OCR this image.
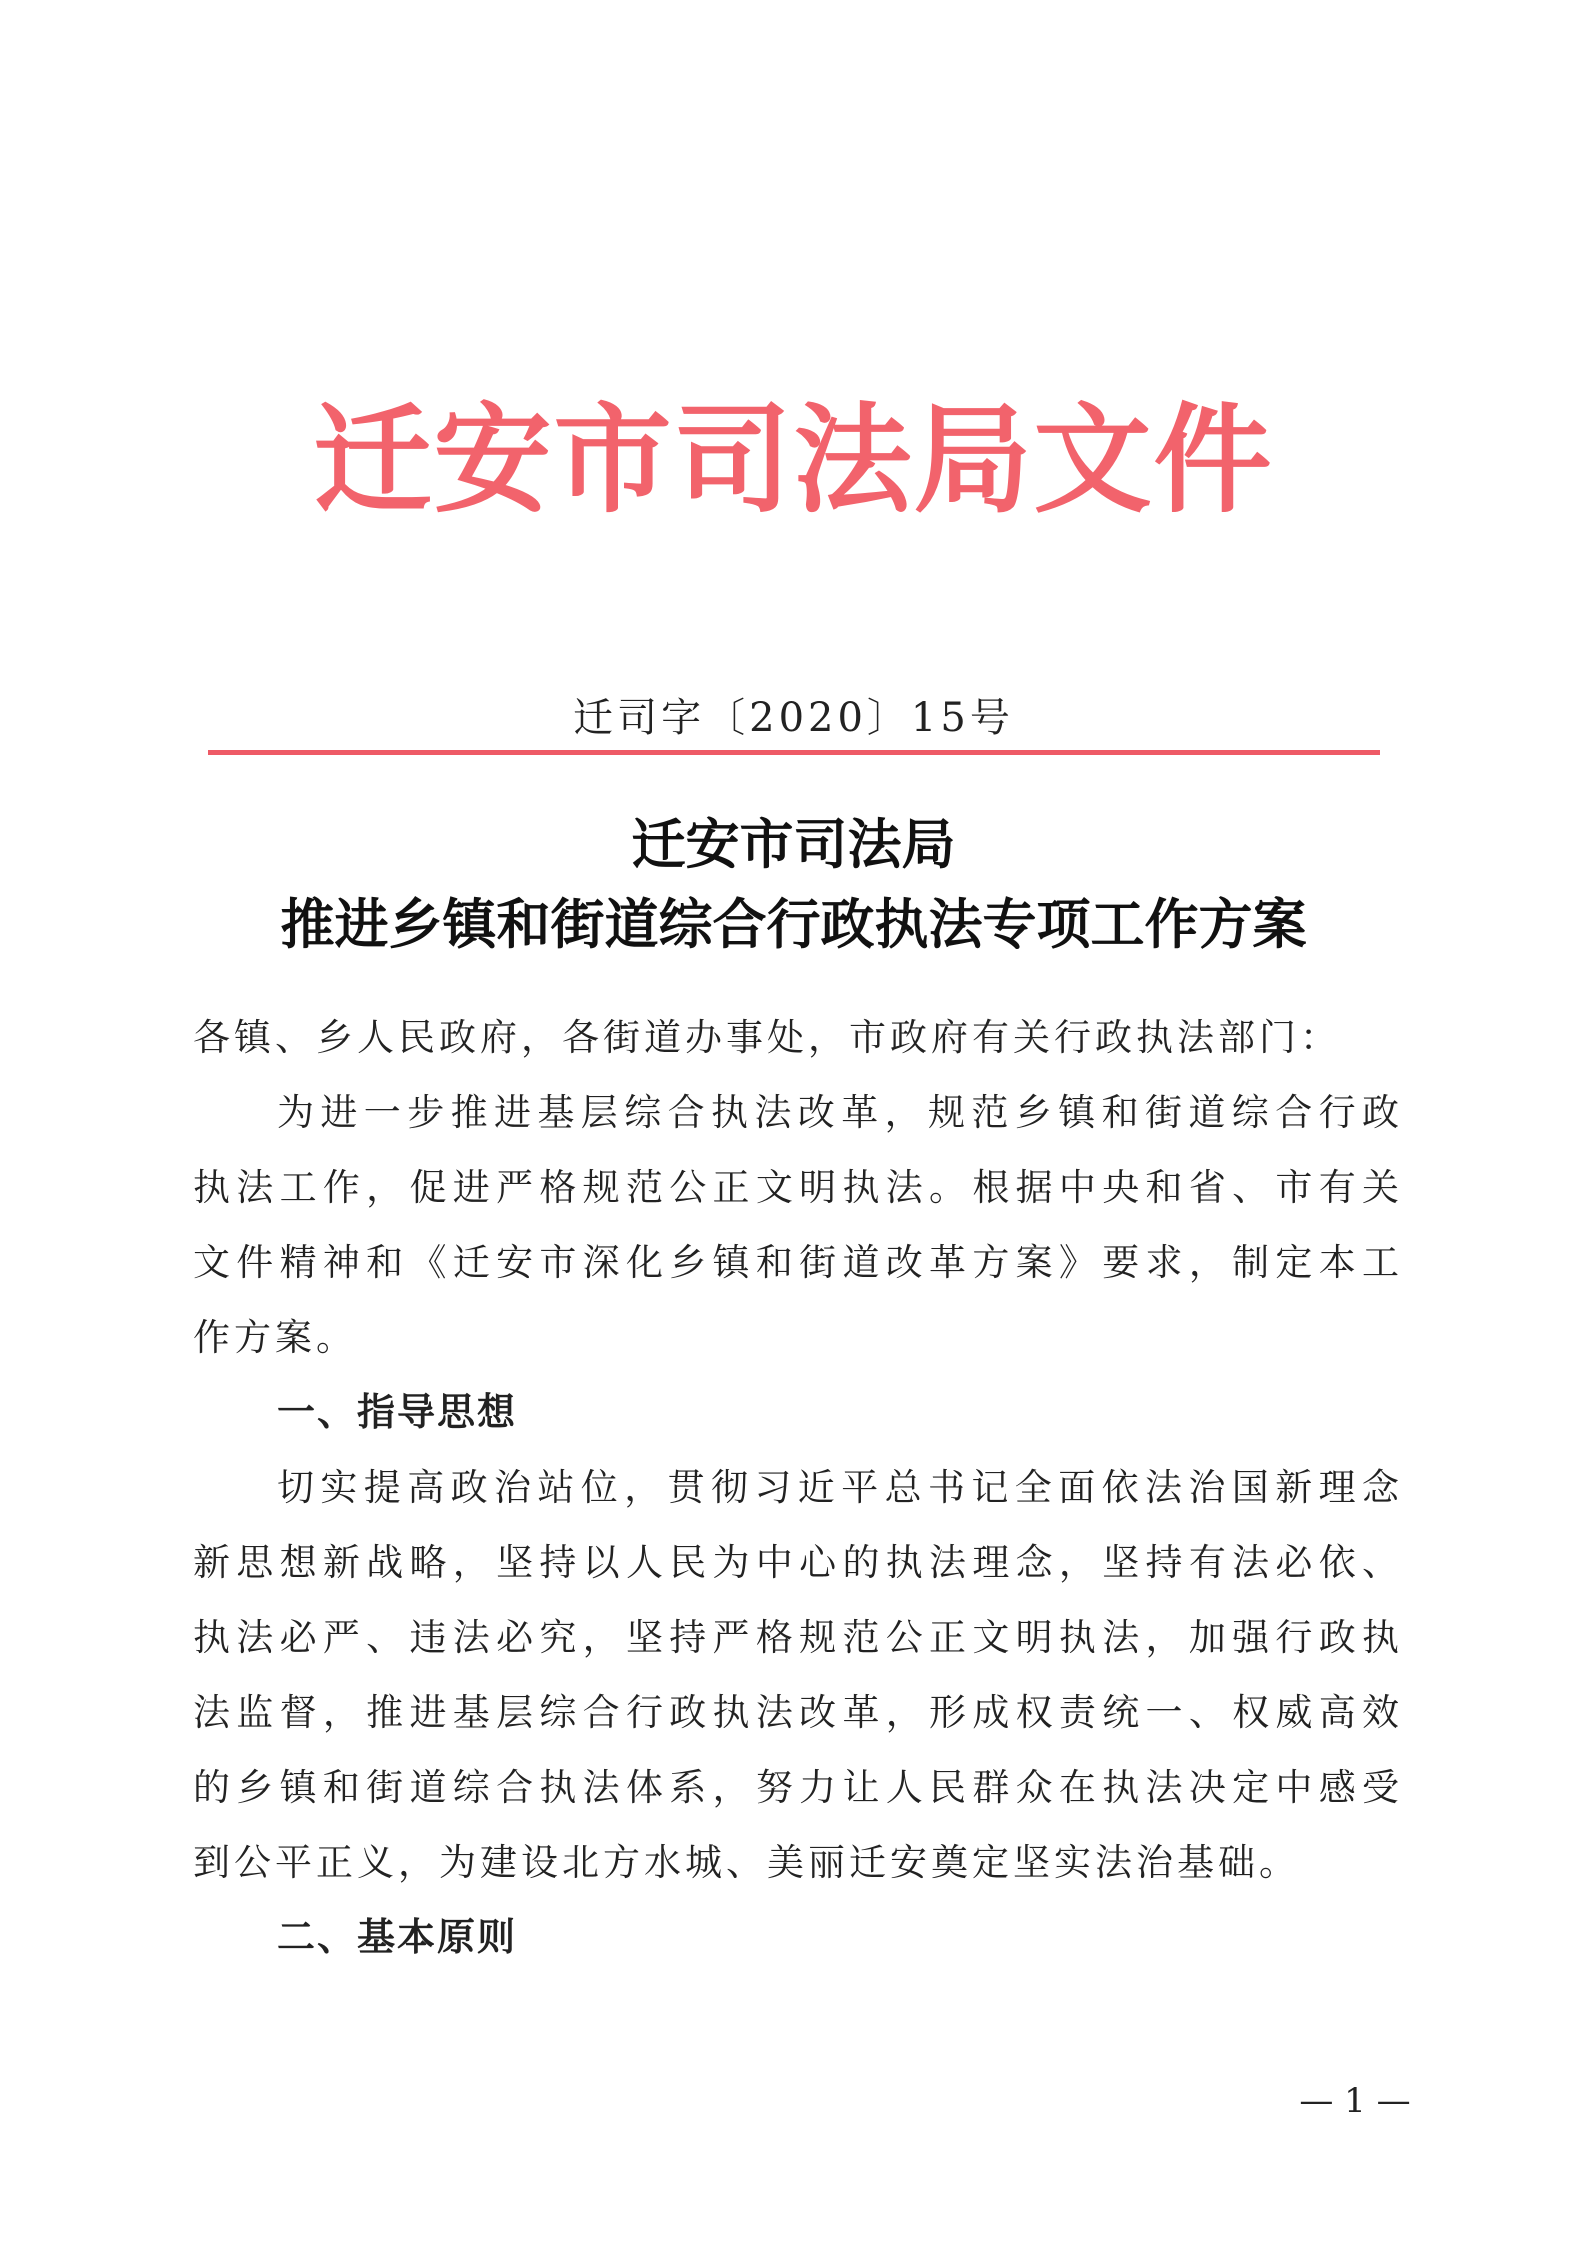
迁安市司法局文件
迁司字〔2020〕15号
迁安市司法局
推进乡镇和街道综合行政执法专项工作方案
各镇、乡人民政府，各街道办事处，市政府有关行政执法部门：
为进一步推进基层综合执法改革，规范乡镇和街道综合行政
执法工作，促进严格规范公正文明执法。根据中央和省、市有关
文件精神和《迁安市深化乡镇和街道改革方案》要求，制定本工
作方案。
一、指导思想
切实提高政治站位，贯彻习近平总书记全面依法治国新理念
新思想新战略，坚持以人民为中心的执法理念，坚持有法必依、
执法必严、违法必究，坚持严格规范公正文明执法，加强行政执
法监督，推进基层综合行政执法改革，形成权责统一、权威高效
的乡镇和街道综合执法体系，努力让人民群众在执法决定中感受
到公平正义，为建设北方水城、美丽迁安奠定坚实法治基础。
二、基本原则
— 1 —
